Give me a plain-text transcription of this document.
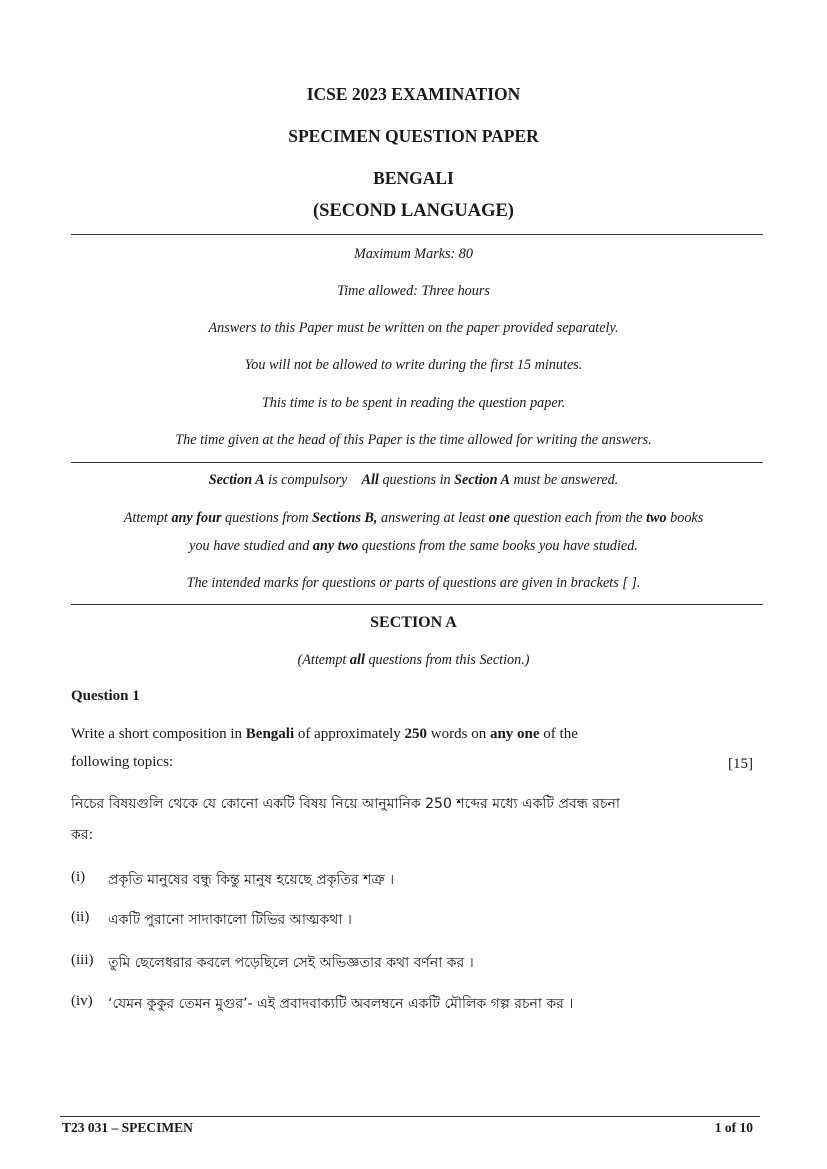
ICSE 2023 EXAMINATION
SPECIMEN QUESTION PAPER
BENGALI
(SECOND LANGUAGE)
Maximum Marks: 80
Time allowed: Three hours
Answers to this Paper must be written on the paper provided separately.
You will not be allowed to write during the first 15 minutes.
This time is to be spent in reading the question paper.
The time given at the head of this Paper is the time allowed for writing the answers.
Section A is compulsory All questions in Section A must be answered.
Attempt any four questions from Sections B, answering at least one question each from the two books
you have studied and any two questions from the same books you have studied.
The intended marks for questions or parts of questions are given in brackets [ ].
SECTION A
(Attempt all questions from this Section.)
Question 1
Write a short composition in Bengali of approximately 250 words on any one of the
following topics:	[15]
নিচের বিষয়গুলি থেকে যে কোনো একটি বিষয় নিয়ে আনুমানিক 250 শব্দের মধ্যে একটি প্রবন্ধ রচনা
কর:
(i) প্রকৃতি মানুষের বন্ধু কিন্তু মানুষ হয়েছে প্রকৃতির শত্রু ।
(ii) একটি পুরানো সাদাকালো টিভির আত্মকথা ।
(iii) তুমি ছেলেধরার কবলে পড়েছিলে সেই অভিজ্ঞতার কথা বর্ণনা কর ।
(iv) ‘যেমন কুকুর তেমন মুগুর’- এই প্রবাদবাক্যটি অবলম্বনে একটি মৌলিক গল্প রচনা কর ।
T23 031 – SPECIMEN	1 of 10
